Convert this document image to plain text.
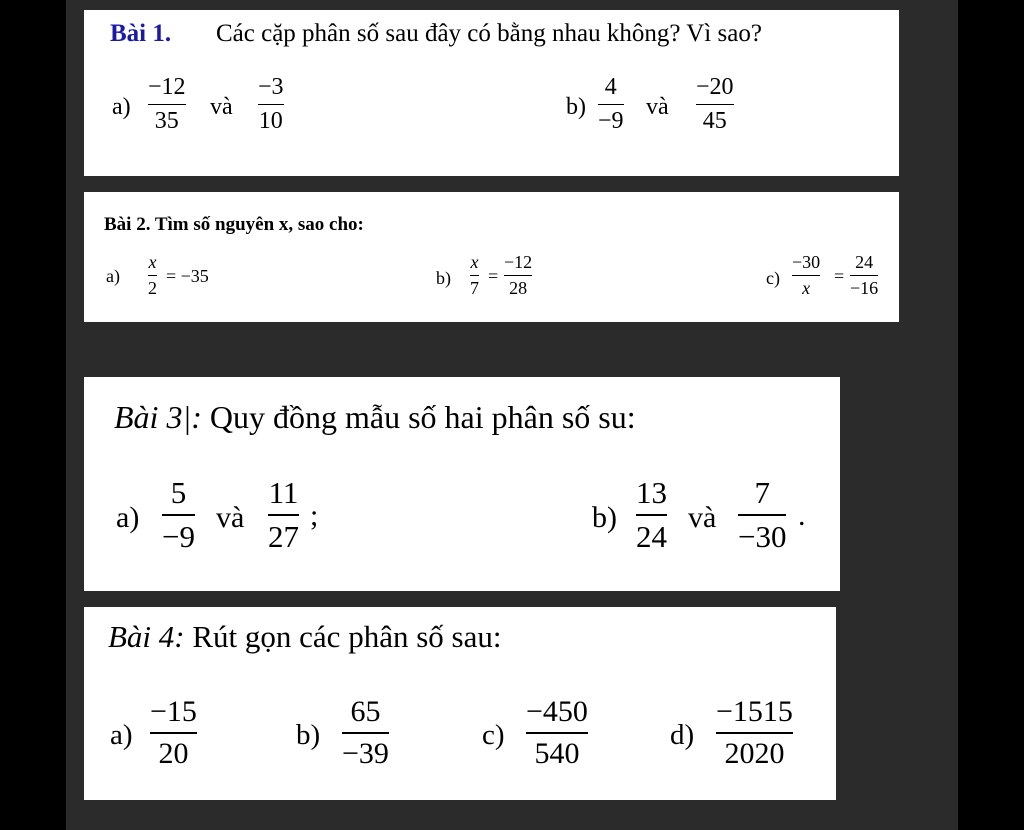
Bài 1. Các cặp phân số sau đây có bằng nhau không? Vì sao?
a)
−12
35
và
−3
10
b)
4
−9
và
−20
45
Bài 2. Tìm số nguyên x, sao cho:
a)
x
2
= −35	b)
x
7
=
−12
28	c)
−30
x
=
24
−16
Bài 3|: Quy đồng mẫu số hai phân số su:
a)
5
−9
và
11
27
;	b)
13
24
và
7
−30
.
Bài 4: Rút gọn các phân số sau:
a)
−15
20
b)
65
−39
c)
−450
540
d)
−1515
2020
